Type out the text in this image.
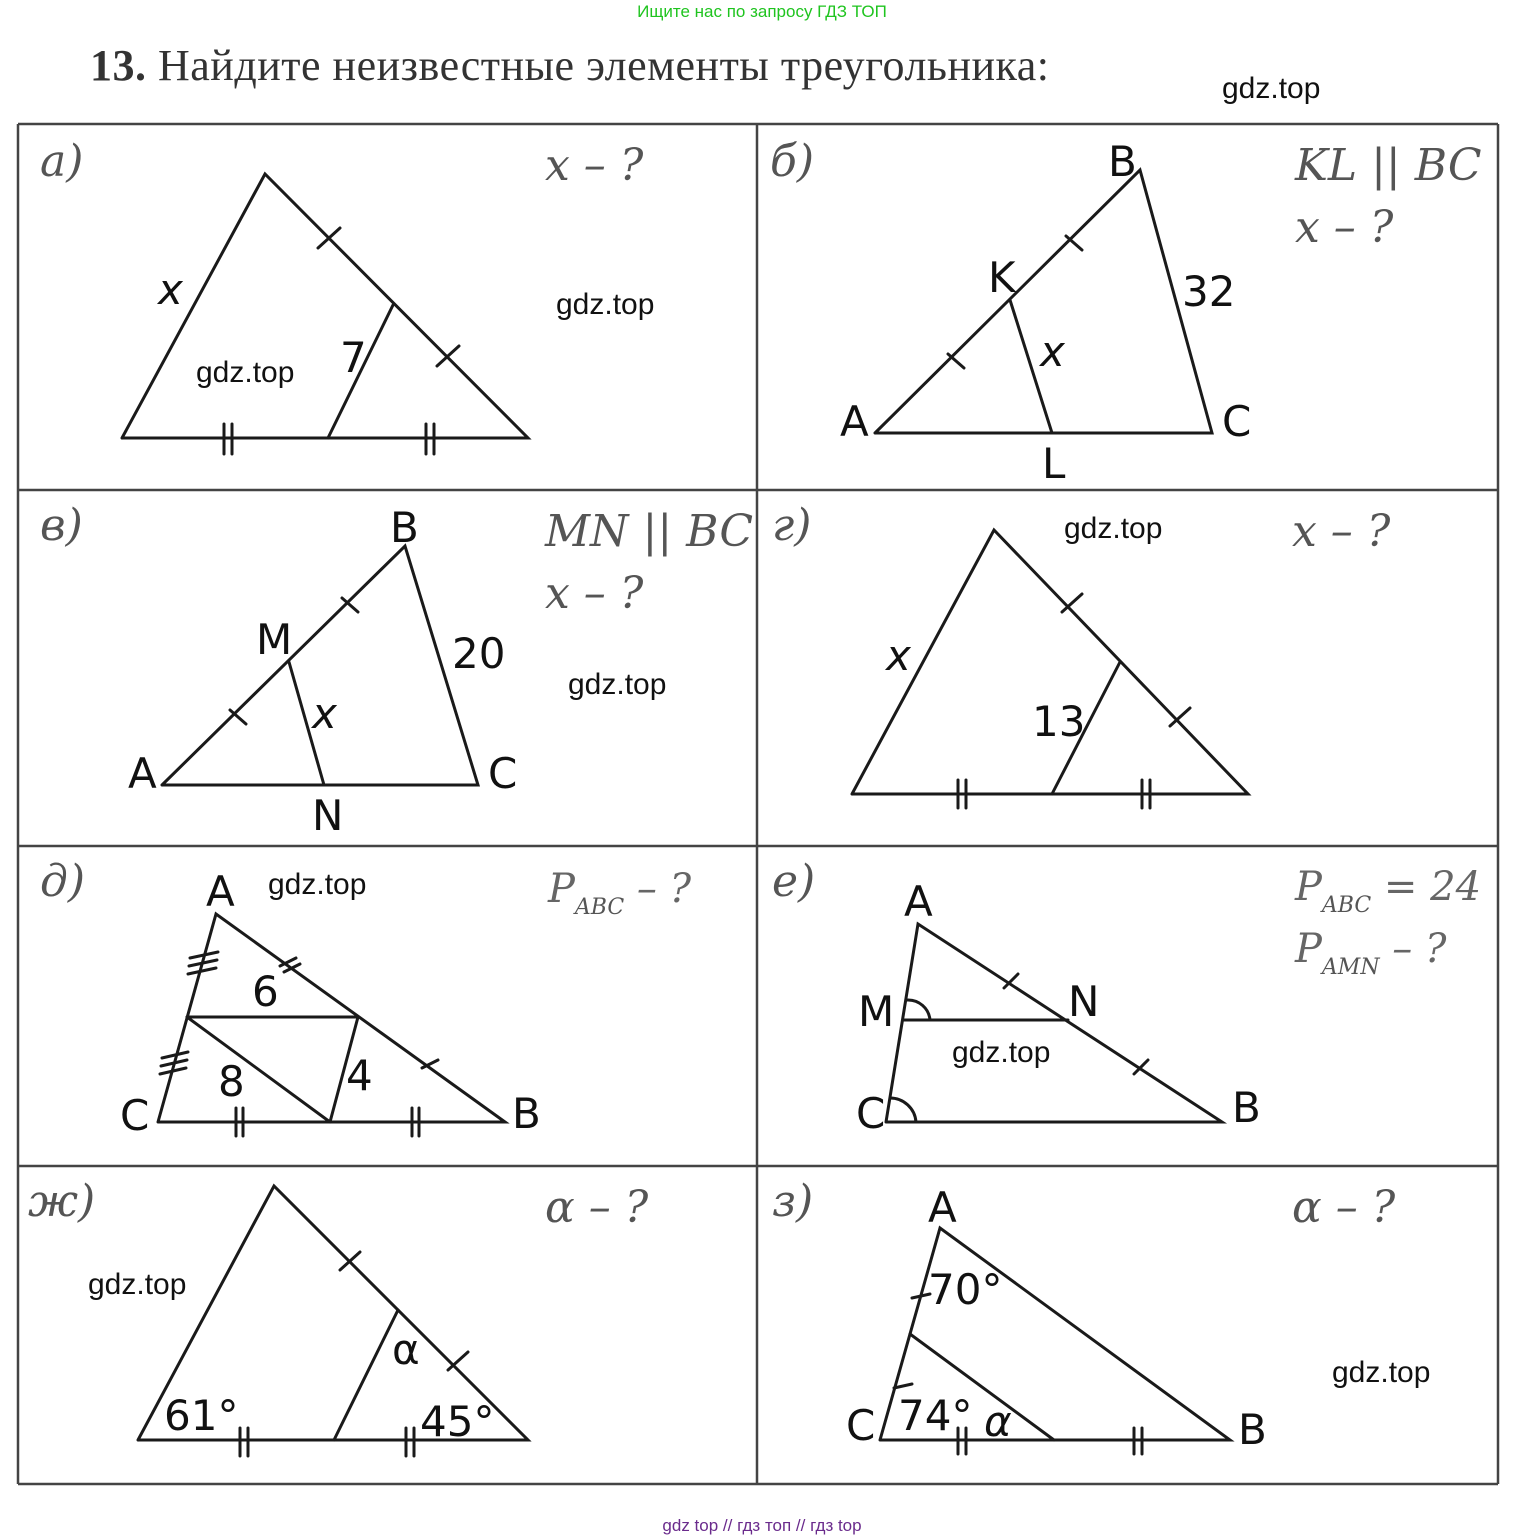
Ищите нас по запросу ГДЗ ТОП
13. Найдите неизвестные элементы треугольника:
а)	x – ?
x
7
б)	KL || BC
x – ?
B
K	32
x
A	C
L
в)	MN || BC
x – ?
B
M	20
x
A	C
N
г)	x – ?
x
13
д)	$P_{ABC}$ – ?
A
6
8 4
C	B
е)	$P_{ABC} = 24$
$P_{AMN}$ – ?
A
M	N
C	B
ж)	α – ?
α
61°	45°
з)	α – ?
A
70°
C 74° α	B
gdz.top
gdz.top
gdz.top
gdz.top
gdz.top
gdz.top
gdz.top
gdz.top
gdz.top
gdz top // гдз топ // гдз top
